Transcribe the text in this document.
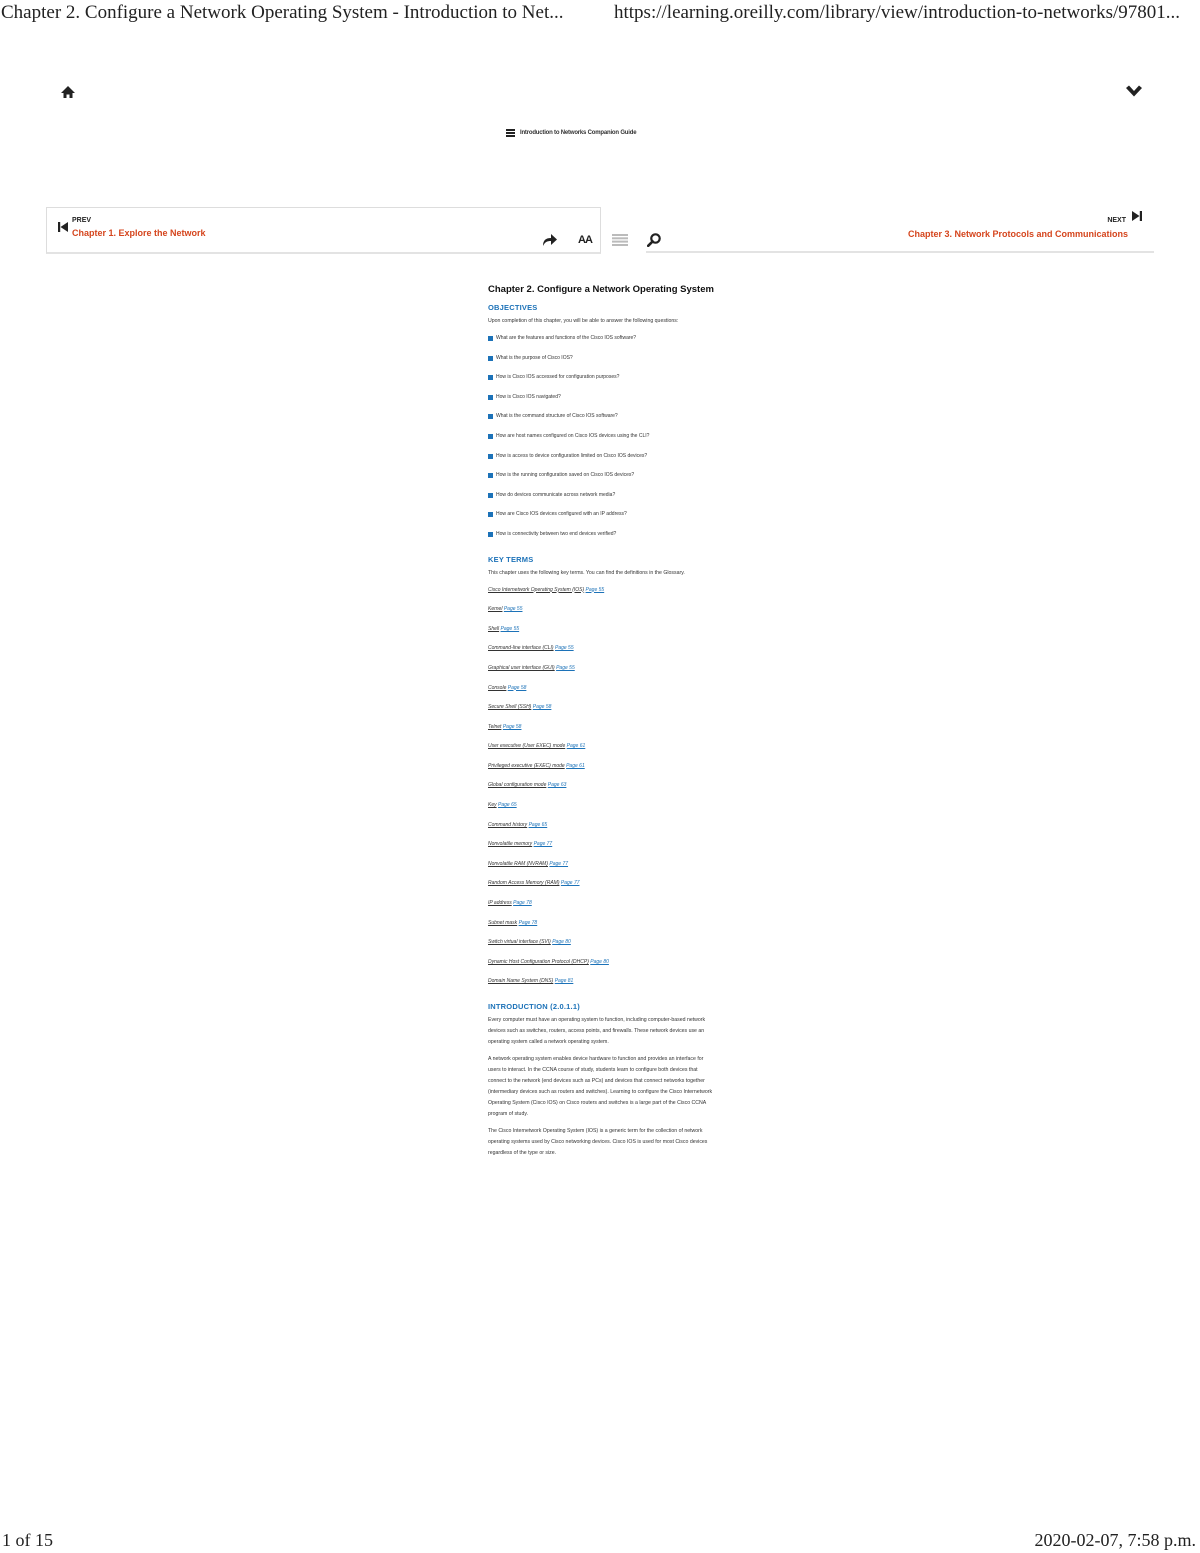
Chapter 2. Configure a Network Operating System - Introduction to Net...	https://learning.oreilly.com/library/view/introduction-to-networks/97801...
Introduction to Networks Companion Guide
PREV
Chapter 1. Explore the Network
NEXT
Chapter 3. Network Protocols and Communications
AA
Chapter 2. Configure a Network Operating System
OBJECTIVES

Upon completion of this chapter, you will be able to answer the following questions:

What are the features and functions of the Cisco IOS software?
What is the purpose of Cisco IOS?
How is Cisco IOS accessed for configuration purposes?
How is Cisco IOS navigated?
What is the command structure of Cisco IOS software?
How are host names configured on Cisco IOS devices using the CLI?
How is access to device configuration limited on Cisco IOS devices?
How is the running configuration saved on Cisco IOS devices?
How do devices communicate across network media?
How are Cisco IOS devices configured with an IP address?
How is connectivity between two end devices verified?
KEY TERMS

This chapter uses the following key terms. You can find the definitions in the Glossary.

Cisco Internetwork Operating System (IOS) Page 55
Kernel Page 55
Shell Page 55
Command-line interface (CLI) Page 55
Graphical user interface (GUI) Page 55
Console Page 58
Secure Shell (SSH) Page 58
Telnet Page 58
User executive (User EXEC) mode Page 61
Privileged executive (EXEC) mode Page 61
Global configuration mode Page 63
Key Page 65
Command history Page 65
Nonvolatile memory Page 77
Nonvolatile RAM (NVRAM) Page 77
Random Access Memory (RAM) Page 77
IP address Page 78
Subnet mask Page 78
Switch virtual interface (SVI) Page 80
Dynamic Host Configuration Protocol (DHCP) Page 80
Domain Name System (DNS) Page 81
INTRODUCTION (2.0.1.1)

Every computer must have an operating system to function, including computer-based network devices such as switches, routers, access points, and firewalls. These network devices use an operating system called a network operating system.

A network operating system enables device hardware to function and provides an interface for users to interact. In the CCNA course of study, students learn to configure both devices that connect to the network (end devices such as PCs) and devices that connect networks together (intermediary devices such as routers and switches). Learning to configure the Cisco Internetwork Operating System (Cisco IOS) on Cisco routers and switches is a large part of the Cisco CCNA program of study.

The Cisco Internetwork Operating System (IOS) is a generic term for the collection of network operating systems used by Cisco networking devices. Cisco IOS is used for most Cisco devices regardless of the type or size.

1 of 15	2020-02-07, 7:58 p.m.
